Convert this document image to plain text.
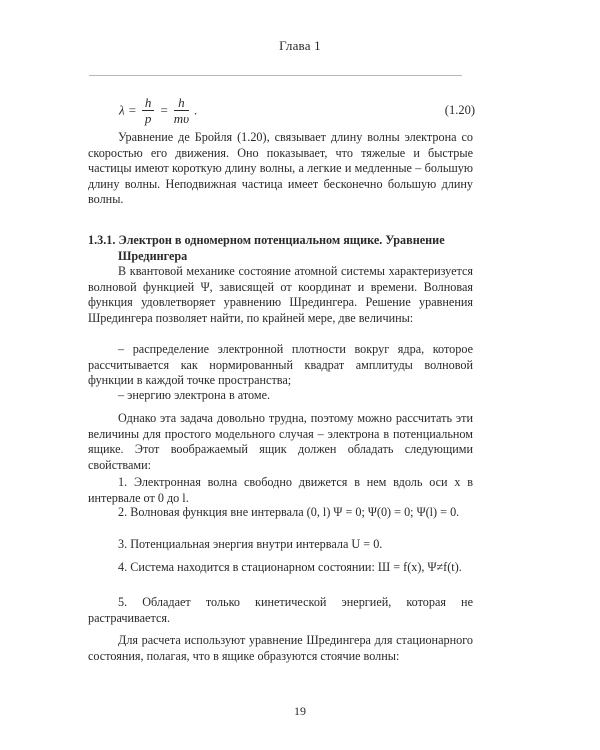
Глава 1
$\lambda = \frac{h}{p} = \frac{h}{m\upsilon}$ .	(1.20)

Уравнение де Бройля (1.20), связывает длину волны электрона со скоростью его движения. Оно показывает, что тяжелые и быстрые частицы имеют короткую длину волны, а легкие и медленные – большую длину волны. Неподвижная частица имеет бесконечно большую длину волны.

1.3.1. Электрон в одномерном потенциальном ящике. Уравнение
Шредингера

В квантовой механике состояние атомной системы характеризуется волновой функцией Ψ, зависящей от координат и времени. Волновая функция удовлетворяет уравнению Шредингера. Решение уравнения Шредингера позволяет найти, по крайней мере, две величины:

– распределение электронной плотности вокруг ядра, которое рассчитывается как нормированный квадрат амплитуды волновой функции в каждой точке пространства;

– энергию электрона в атоме.

Однако эта задача довольно трудна, поэтому можно рассчитать эти величины для простого модельного случая – электрона в потенциальном ящике. Этот воображаемый ящик должен обладать следующими свойствами:

1. Электронная волна свободно движется в нем вдоль оси x в интервале от 0 до l.

2. Волновая функция вне интервала (0, l) Ψ = 0; Ψ(0) = 0; Ψ(l) = 0.

3. Потенциальная энергия внутри интервала U = 0.

4. Система находится в стационарном состоянии: Ш = f(x), Ψ≠f(t).

5. Обладает только кинетической энергией, которая не растрачивается.

Для расчета используют уравнение Шредингера для стационарного состояния, полагая, что в ящике образуются стоячие волны:

19
